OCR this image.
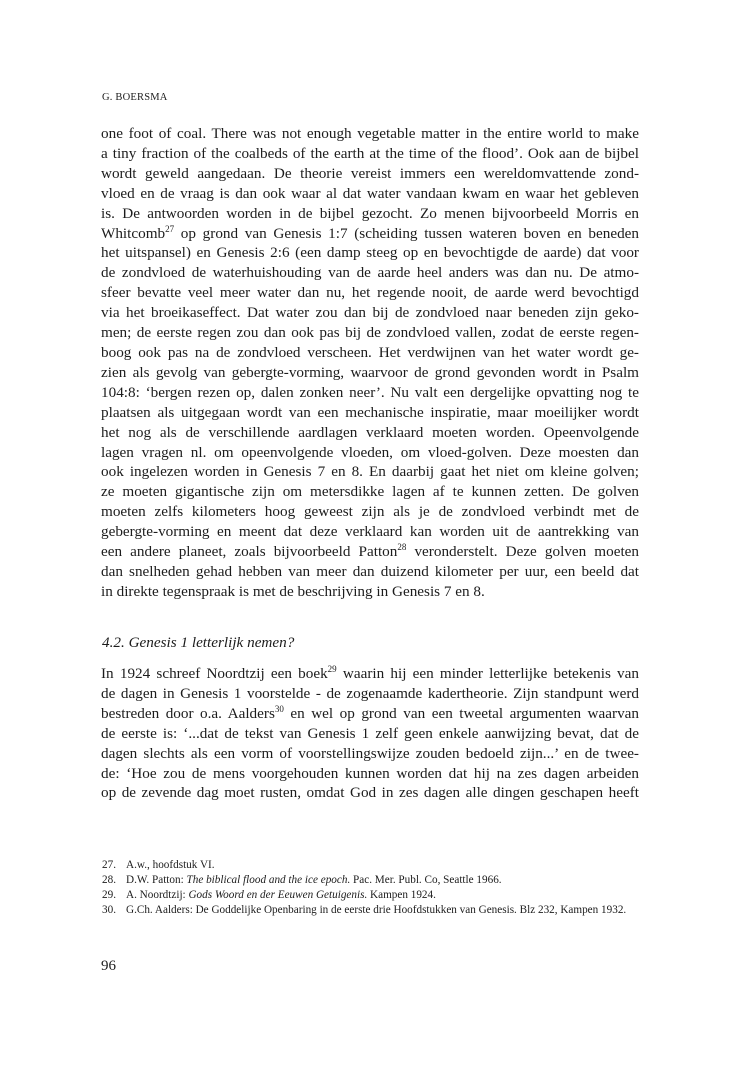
G. BOERSMA
one foot of coal. There was not enough vegetable matter in the entire world to make
a tiny fraction of the coalbeds of the earth at the time of the flood’. Ook aan de bijbel
wordt geweld aangedaan. De theorie vereist immers een wereldomvattende zond-
vloed en de vraag is dan ook waar al dat water vandaan kwam en waar het gebleven
is. De antwoorden worden in de bijbel gezocht. Zo menen bijvoorbeeld Morris en
Whitcomb$^{27}$ op grond van Genesis 1:7 (scheiding tussen wateren boven en beneden
het uitspansel) en Genesis 2:6 (een damp steeg op en bevochtigde de aarde) dat voor
de zondvloed de waterhuishouding van de aarde heel anders was dan nu. De atmo-
sfeer bevatte veel meer water dan nu, het regende nooit, de aarde werd bevochtigd
via het broeikaseffect. Dat water zou dan bij de zondvloed naar beneden zijn geko-
men; de eerste regen zou dan ook pas bij de zondvloed vallen, zodat de eerste regen-
boog ook pas na de zondvloed verscheen. Het verdwijnen van het water wordt ge-
zien als gevolg van gebergte-vorming, waarvoor de grond gevonden wordt in Psalm
104:8: ‘bergen rezen op, dalen zonken neer’. Nu valt een dergelijke opvatting nog te
plaatsen als uitgegaan wordt van een mechanische inspiratie, maar moeilijker wordt
het nog als de verschillende aardlagen verklaard moeten worden. Opeenvolgende
lagen vragen nl. om opeenvolgende vloeden, om vloed-golven. Deze moesten dan
ook ingelezen worden in Genesis 7 en 8. En daarbij gaat het niet om kleine golven;
ze moeten gigantische zijn om metersdikke lagen af te kunnen zetten. De golven
moeten zelfs kilometers hoog geweest zijn als je de zondvloed verbindt met de
gebergte-vorming en meent dat deze verklaard kan worden uit de aantrekking van
een andere planeet, zoals bijvoorbeeld Patton$^{28}$ veronderstelt. Deze golven moeten
dan snelheden gehad hebben van meer dan duizend kilometer per uur, een beeld dat
in direkte tegenspraak is met de beschrijving in Genesis 7 en 8.
4.2. Genesis 1 letterlijk nemen?
In 1924 schreef Noordtzij een boek$^{29}$ waarin hij een minder letterlijke betekenis van
de dagen in Genesis 1 voorstelde - de zogenaamde kadertheorie. Zijn standpunt werd
bestreden door o.a. Aalders$^{30}$ en wel op grond van een tweetal argumenten waarvan
de eerste is: ‘...dat de tekst van Genesis 1 zelf geen enkele aanwijzing bevat, dat de
dagen slechts als een vorm of voorstellingswijze zouden bedoeld zijn...’ en de twee-
de: ‘Hoe zou de mens voorgehouden kunnen worden dat hij na zes dagen arbeiden
op de zevende dag moet rusten, omdat God in zes dagen alle dingen geschapen heeft
27. A.w., hoofdstuk VI.
28. D.W. Patton: The biblical flood and the ice epoch. Pac. Mer. Publ. Co, Seattle 1966.
29. A. Noordtzij: Gods Woord en der Eeuwen Getuigenis. Kampen 1924.
30. G.Ch. Aalders: De Goddelijke Openbaring in de eerste drie Hoofdstukken van Genesis. Blz 232, Kampen 1932.
96
